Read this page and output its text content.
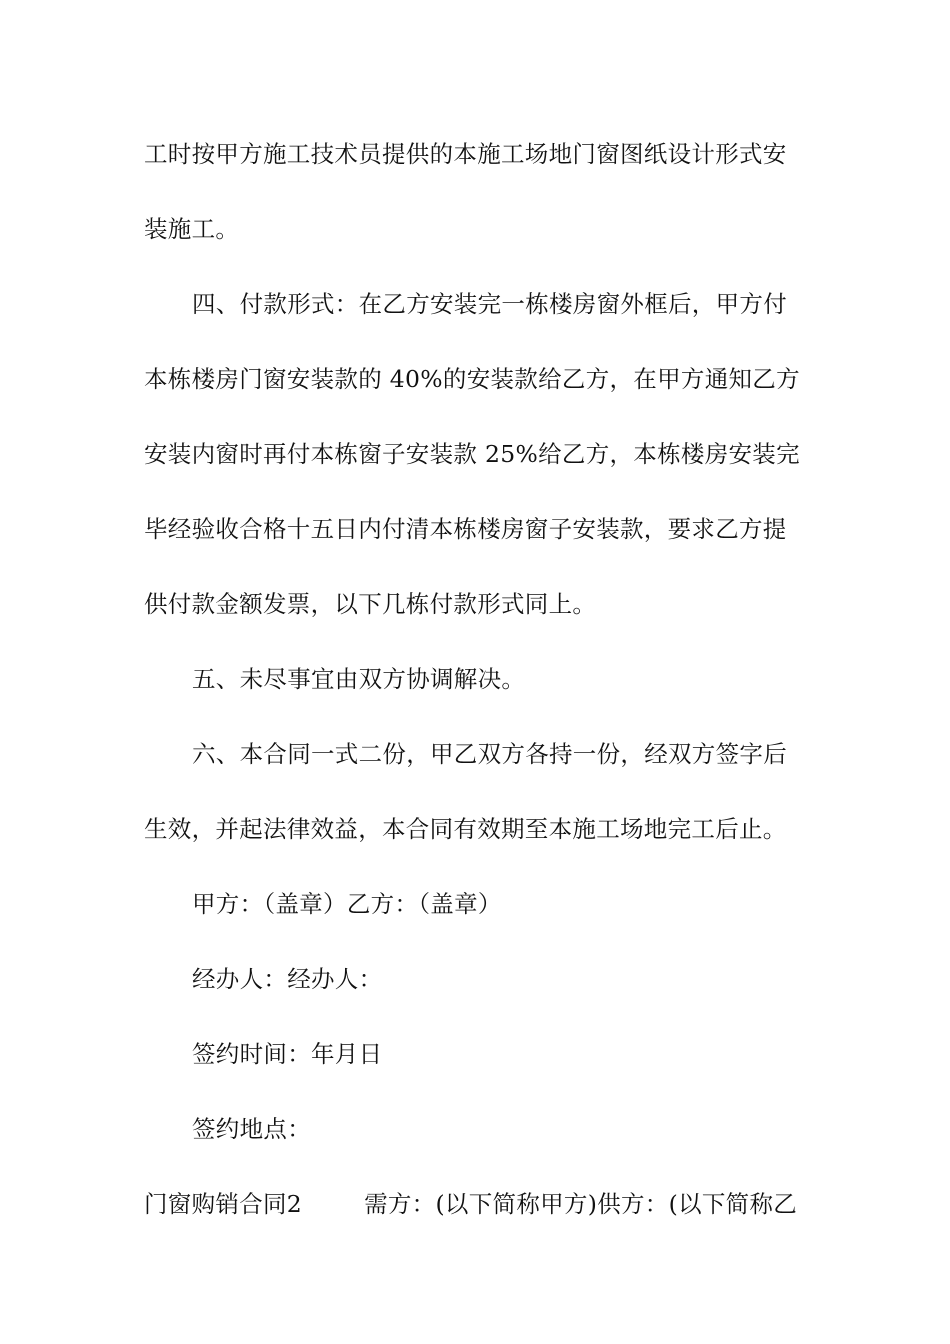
工时按甲方施工技术员提供的本施工场地门窗图纸设计形式安
装施工。
四、付款形式：在乙方安装完一栋楼房窗外框后，甲方付
本栋楼房门窗安装款的 40%的安装款给乙方，在甲方通知乙方
安装内窗时再付本栋窗子安装款 25%给乙方，本栋楼房安装完
毕经验收合格十五日内付清本栋楼房窗子安装款，要求乙方提
供付款金额发票，以下几栋付款形式同上。
五、未尽事宜由双方协调解决。
六、本合同一式二份，甲乙双方各持一份，经双方签字后
生效，并起法律效益，本合同有效期至本施工场地完工后止。
甲方：（盖章）乙方：（盖章）
经办人：经办人：
签约时间：年月日
签约地点：
门窗购销合同2	需方：(以下简称甲方)供方：(以下简称乙
